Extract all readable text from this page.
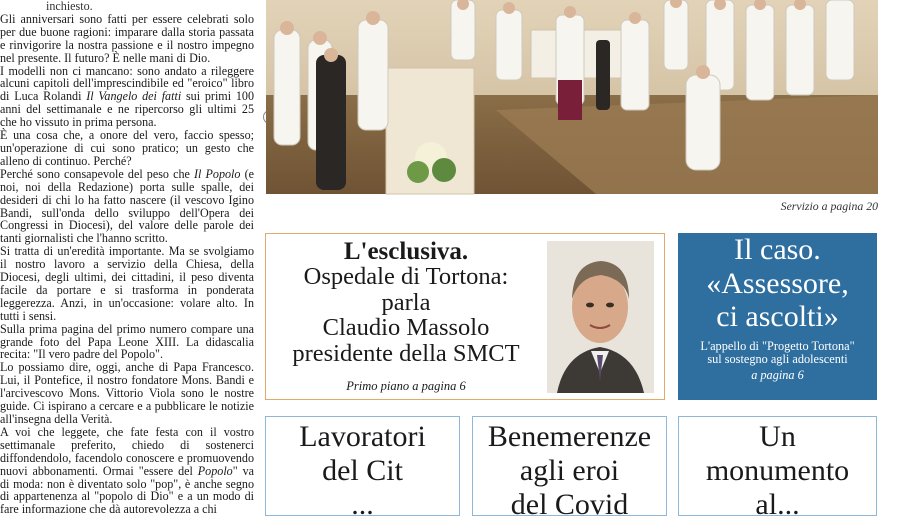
inchiesto.

Gli anniversari sono fatti per essere celebrati solo per due buone ragioni: imparare dalla storia passata e rinvigorire la nostra passione e il nostro impegno nel presente. Il futuro? È nelle mani di Dio.

I modelli non ci mancano: sono andato a rileggere alcuni capitoli dell'imprescindibile ed "eroico" libro di Luca Rolandi Il Vangelo dei fatti sui primi 100 anni del settimanale e ne ripercorso gli ultimi 25 che ho vissuto in prima persona.

È una cosa che, a onore del vero, faccio spesso; un'operazione di cui sono pratico; un gesto che alleno di continuo. Perché?

Perché sono consapevole del peso che Il Popolo (e noi, noi della Redazione) porta sulle spalle, dei desideri di chi lo ha fatto nascere (il vescovo Igino Bandi, sull'onda dello sviluppo dell'Opera dei Congressi in Diocesi), del valore delle parole dei tanti giornalisti che l'hanno scritto.

Si tratta di un'eredità importante. Ma se svolgiamo il nostro lavoro a servizio della Chiesa, della Diocesi, degli ultimi, dei cittadini, il peso diventa facile da portare e si trasforma in ponderata leggerezza. Anzi, in un'occasione: volare alto. In tutti i sensi.

Sulla prima pagina del primo numero compare una grande foto del Papa Leone XIII. La didascalia recita: "Il vero padre del Popolo".

Lo possiamo dire, oggi, anche di Papa Francesco. Lui, il Pontefice, il nostro fondatore Mons. Bandi e l'arcivescovo Mons. Vittorio Viola sono le nostre guide. Ci ispirano a cercare e a pubblicare le notizie all'insegna della Verità.

A voi che leggete, che fate festa con il vostro settimanale preferito, chiedo di sostenerci diffondendolo, facendolo conoscere e promuovendo nuovi abbonamenti. Ormai "essere del Popolo" va di moda: non è diventato solo "pop", è anche segno di appartenenza al "popolo di Dio" e a un modo di fare informazione che dà autorevolezza a chi

Servizio a pagina 20
L'esclusiva.
Ospedale di Tortona:
parla
Claudio Massolo
presidente della SMCT
Primo piano a pagina 6
Il caso.
«Assessore,
ci ascolti»
L'appello di "Progetto Tortona"
sul sostegno agli adolescenti
a pagina 6
Lavoratori
del Cit
...
Benemerenze
agli eroi
del Covid
Un
monumento
al...
